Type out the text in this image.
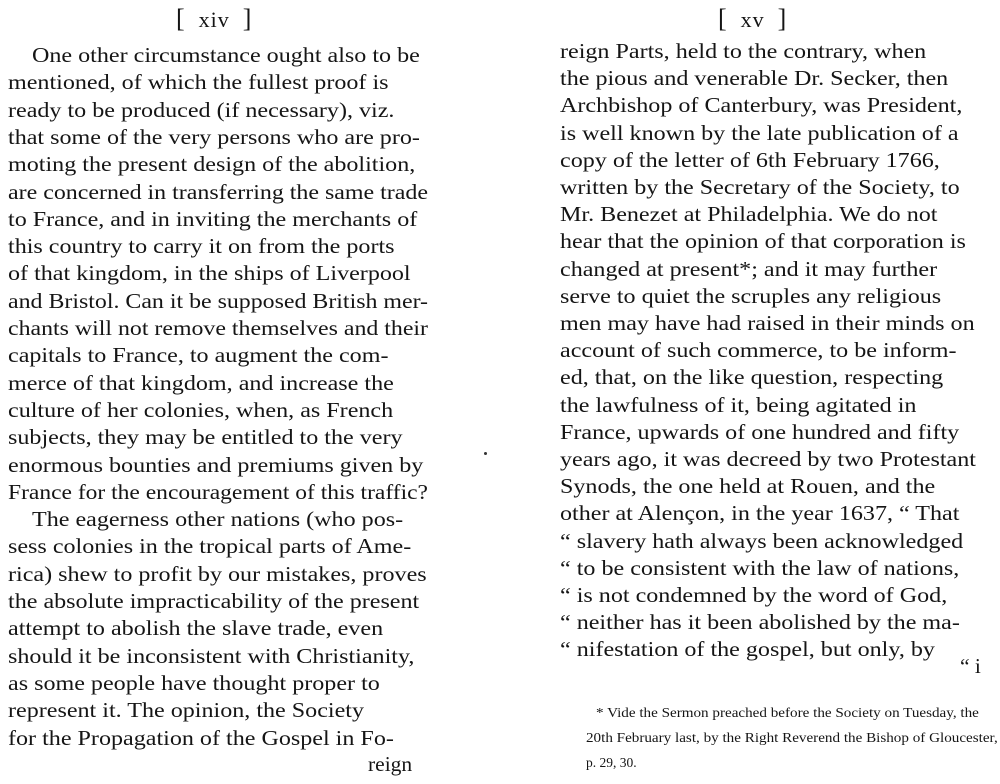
[ xiv ]
One other circumstance ought also to be
mentioned, of which the fullest proof is
ready to be produced (if necessary), viz.
that some of the very persons who are pro-
moting the present design of the abolition,
are concerned in transferring the same trade
to France, and in inviting the merchants of
this country to carry it on from the ports
of that kingdom, in the ships of Liverpool
and Bristol. Can it be supposed British mer-
chants will not remove themselves and their
capitals to France, to augment the com-
merce of that kingdom, and increase the
culture of her colonies, when, as French
subjects, they may be entitled to the very
enormous bounties and premiums given by
France for the encouragement of this traffic?
The eagerness other nations (who pos-
sess colonies in the tropical parts of Ame-
rica) shew to profit by our mistakes, proves
the absolute impracticability of the present
attempt to abolish the slave trade, even
should it be inconsistent with Christianity,
as some people have thought proper to
represent it. The opinion, the Society
for the Propagation of the Gospel in Fo-
reign
[ xv ]
reign Parts, held to the contrary, when
the pious and venerable Dr. Secker, then
Archbishop of Canterbury, was President,
is well known by the late publication of a
copy of the letter of 6th February 1766,
written by the Secretary of the Society, to
Mr. Benezet at Philadelphia. We do not
hear that the opinion of that corporation is
changed at present*; and it may further
serve to quiet the scruples any religious
men may have had raised in their minds on
account of such commerce, to be inform-
ed, that, on the like question, respecting
the lawfulness of it, being agitated in
France, upwards of one hundred and fifty
years ago, it was decreed by two Protestant
Synods, the one held at Rouen, and the
other at Alençon, in the year 1637, “ That
“ slavery hath always been acknowledged
“ to be consistent with the law of nations,
“ is not condemned by the word of God,
“ neither has it been abolished by the ma-
“ nifestation of the gospel, but only, by
“ i
* Vide the Sermon preached before the Society on Tuesday, the
20th February last, by the Right Reverend the Bishop of Gloucester,
p. 29, 30.
